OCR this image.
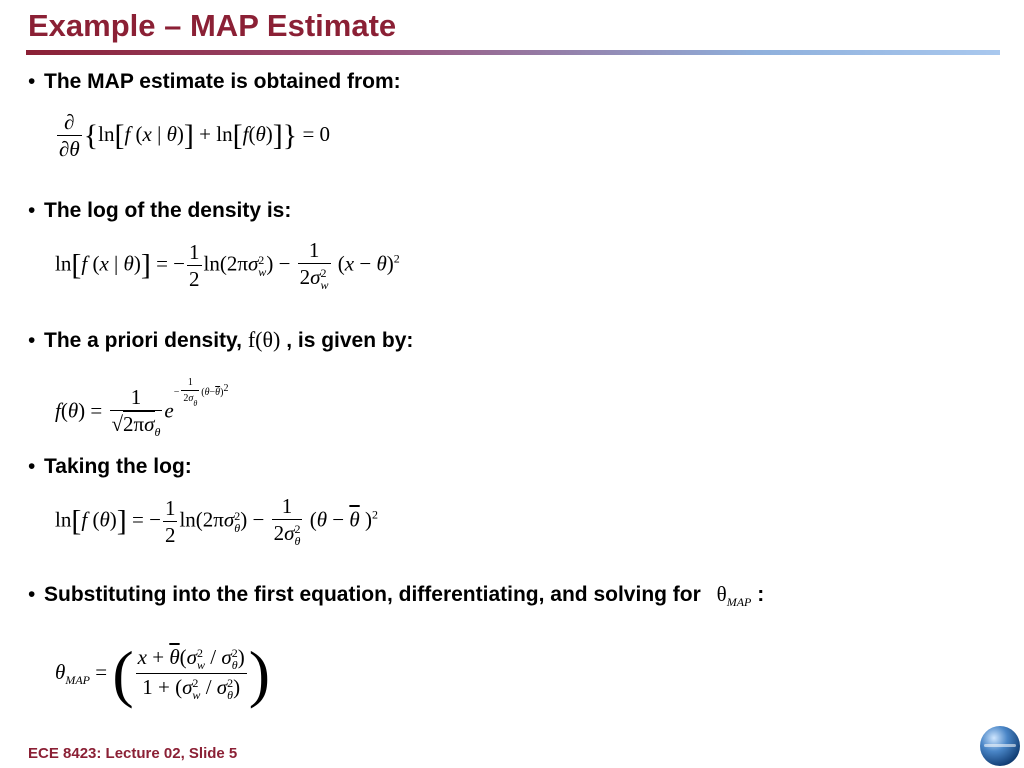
Example – MAP Estimate
• The MAP estimate is obtained from:
$\frac{\partial}{\partial\theta} \{\ln[f$ (x | θ)] + ln[f(θ)]} = 0
• The log of the density is:
ln[f (x | θ)] = − $\frac{1}{2} \ln(2\pi\sigma$ 2
w ) − 1
2σ 2
w $(x - \theta)^2$
• The a priori density, f(θ) , is given by:
$f(\theta) = \frac{1}{√2\pi\sigma_\theta} e^{- \frac{1}{2\sigma_\theta} (\theta-\overline{\theta})2}$
• Taking the log:
ln[f (θ)] = − $\frac{1}{2} \ln(2\pi\sigma$ 2
θ ) − 1
2σ 2
θ ($\theta - \overline{\theta}$ )$^2$
• Substituting into the first equation, differentiating, and solving for $\theta_{MAP}$ :
$\theta_{MAP}$ = ( $x + \overline{\theta}(\sigma$ 2
w / σ 2
θ )
1 + (σ 2
w / σ 2
θ ) )
ECE 8423: Lecture 02, Slide 5
